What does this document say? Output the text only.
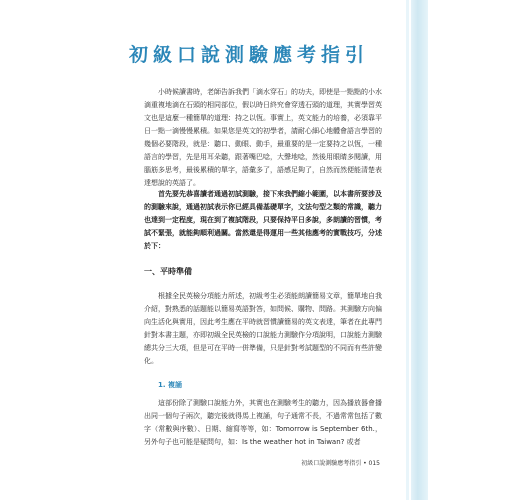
初級口說測驗應考指引

小時候讀書時，老師告訴我們「滴水穿石」的功夫，即使是一點點的小水滴重複地滴在石頭的相同部位，假以時日終究會穿透石頭的道理，其實學習英文也是這麼一種簡單的道理：持之以恆。事實上，英文能力的培養，必須靠平日一點一滴慢慢累積。如果您是英文的初學者，請耐心細心地體會語言學習的幾個必要階段，就是：聽口、動眼、動手，最重要的是一定要持之以恆，一種語言的學習，先是用耳朵聽，跟著嘴巴唸，大聲地唸，然後用眼睛多閱讀，用腦筋多思考，最後累積的單字，語彙多了，語感足夠了，自然而然便能清楚表達想說的英語了。

首先要先恭喜讀者通過初試測驗，接下來我們縮小範圍，以本書所要涉及的測驗來說，通過初試表示你已經具備基礎單字，文法句型之類的常識，聽力也達到一定程度，現在到了複試階段，只要保持平日多說，多朗讀的習慣，考試不緊張，就能夠順利過關。當然還是得運用一些其他應考的實戰技巧，分述於下：

一、平時準備

根據全民英檢分項能力所述，初級考生必須能朗讀簡易文章，簡單地自我介紹，對熟悉的話題能以簡易英語對答，如問候、購物、問路。其測驗方向偏向生活化與實用，因此考生應在平時就習慣讀簡易的英文表達，筆者在此專門針對本書主題，亦即初級全民英檢的口說能力測驗作分項說明，口說能力測驗總共分三大項，但是可在平時一併準備，只是針對考試題型的不同而有些許變化。

1. 複誦

這部份除了測驗口說能力外，其實也在測驗考生的聽力，因為播放器會播出同一個句子兩次，聽完後就得馬上複誦，句子通常不長，不過常常包括了數字（常數與序數）、日期、縮寫等等，如：Tomorrow is September 6th.，另外句子也可能是疑問句，如：Is the weather hot in Taiwan? 或者

初級口說測驗應考指引 • 015
